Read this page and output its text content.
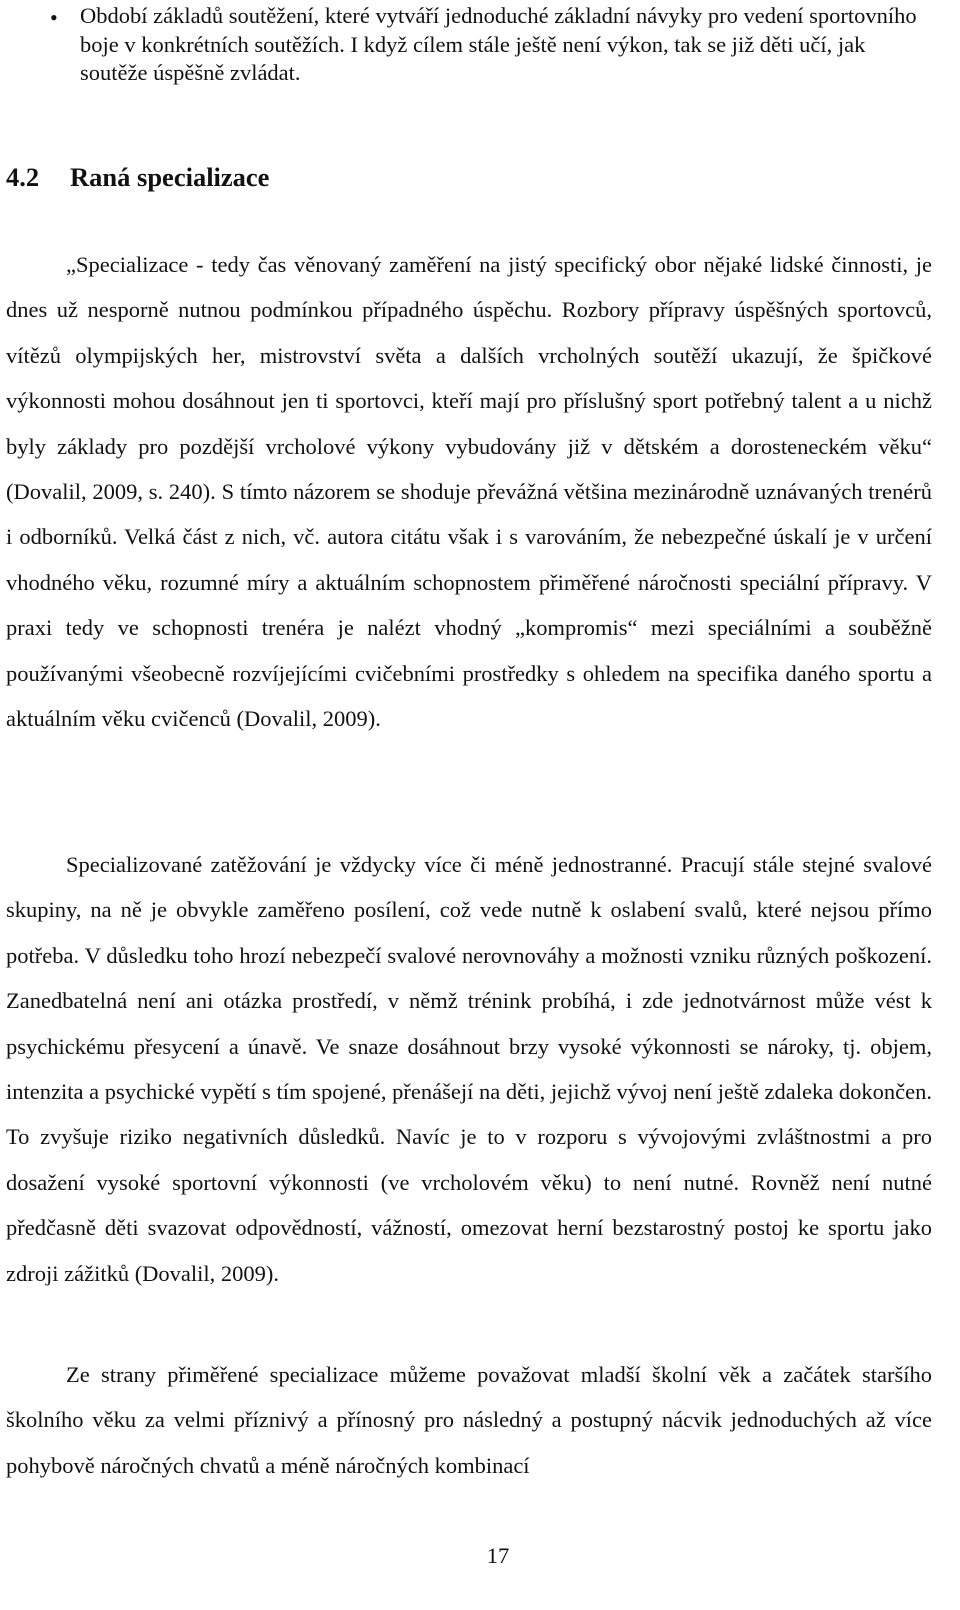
• Období základů soutěžení, které vytváří jednoduché základní návyky pro vedení sportovního boje v konkrétních soutěžích. I když cílem stále ještě není výkon, tak se již děti učí, jak soutěže úspěšně zvládat.
4.2 Raná specializace

„Specializace - tedy čas věnovaný zaměření na jistý specifický obor nějaké lidské činnosti, je dnes už nesporně nutnou podmínkou případného úspěchu. Rozbory přípravy úspěšných sportovců, vítězů olympijských her, mistrovství světa a dalších vrcholných soutěží ukazují, že špičkové výkonnosti mohou dosáhnout jen ti sportovci, kteří mají pro příslušný sport potřebný talent a u nichž byly základy pro pozdější vrcholové výkony vybudovány již v dětském a dorosteneckém věku“ (Dovalil, 2009, s. 240). S tímto názorem se shoduje převážná většina mezinárodně uznávaných trenérů i odborníků. Velká část z nich, vč. autora citátu však i s varováním, že nebezpečné úskalí je v určení vhodného věku, rozumné míry a aktuálním schopnostem přiměřené náročnosti speciální přípravy. V praxi tedy ve schopnosti trenéra je nalézt vhodný „kompromis“ mezi speciálními a souběžně používanými všeobecně rozvíjejícími cvičebními prostředky s ohledem na specifika daného sportu a aktuálním věku cvičenců (Dovalil, 2009).

Specializované zatěžování je vždycky více či méně jednostranné. Pracují stále stejné svalové skupiny, na ně je obvykle zaměřeno posílení, což vede nutně k oslabení svalů, které nejsou přímo potřeba. V důsledku toho hrozí nebezpečí svalové nerovnováhy a možnosti vzniku různých poškození. Zanedbatelná není ani otázka prostředí, v němž trénink probíhá, i zde jednotvárnost může vést k psychickému přesycení a únavě. Ve snaze dosáhnout brzy vysoké výkonnosti se nároky, tj. objem, intenzita a psychické vypětí s tím spojené, přenášejí na děti, jejichž vývoj není ještě zdaleka dokončen. To zvyšuje riziko negativních důsledků. Navíc je to v rozporu s vývojovými zvláštnostmi a pro dosažení vysoké sportovní výkonnosti (ve vrcholovém věku) to není nutné. Rovněž není nutné předčasně děti svazovat odpovědností, vážností, omezovat herní bezstarostný postoj ke sportu jako zdroji zážitků (Dovalil, 2009).

Ze strany přiměřené specializace můžeme považovat mladší školní věk a začátek staršího školního věku za velmi příznivý a přínosný pro následný a postupný nácvik jednoduchých až více pohybově náročných chvatů a méně náročných kombinací

17
